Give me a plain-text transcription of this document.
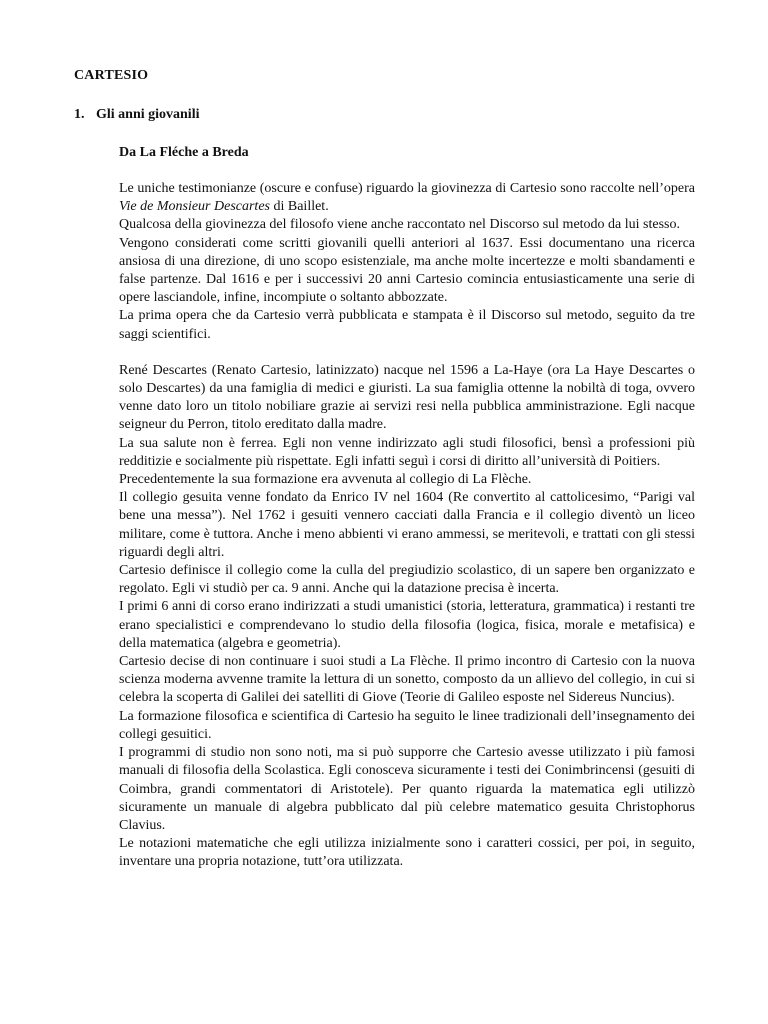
CARTESIO
1. Gli anni giovanili
Da La Fléche a Breda

Le uniche testimonianze (oscure e confuse) riguardo la giovinezza di Cartesio sono raccolte nell’opera Vie de Monsieur Descartes di Baillet.

Qualcosa della giovinezza del filosofo viene anche raccontato nel Discorso sul metodo da lui stesso.

Vengono considerati come scritti giovanili quelli anteriori al 1637. Essi documentano una ricerca ansiosa di una direzione, di uno scopo esistenziale, ma anche molte incertezze e molti sbandamenti e false partenze. Dal 1616 e per i successivi 20 anni Cartesio comincia entusiasticamente una serie di opere lasciandole, infine, incompiute o soltanto abbozzate.

La prima opera che da Cartesio verrà pubblicata e stampata è il Discorso sul metodo, seguito da tre saggi scientifici.

René Descartes (Renato Cartesio, latinizzato) nacque nel 1596 a La-Haye (ora La Haye Descartes o solo Descartes) da una famiglia di medici e giuristi. La sua famiglia ottenne la nobiltà di toga, ovvero venne dato loro un titolo nobiliare grazie ai servizi resi nella pubblica amministrazione. Egli nacque seigneur du Perron, titolo ereditato dalla madre.

La sua salute non è ferrea. Egli non venne indirizzato agli studi filosofici, bensì a professioni più redditizie e socialmente più rispettate. Egli infatti seguì i corsi di diritto all’università di Poitiers.

Precedentemente la sua formazione era avvenuta al collegio di La Flèche.

Il collegio gesuita venne fondato da Enrico IV nel 1604 (Re convertito al cattolicesimo, “Parigi val bene una messa”). Nel 1762 i gesuiti vennero cacciati dalla Francia e il collegio diventò un liceo militare, come è tuttora. Anche i meno abbienti vi erano ammessi, se meritevoli, e trattati con gli stessi riguardi degli altri.

Cartesio definisce il collegio come la culla del pregiudizio scolastico, di un sapere ben organizzato e regolato. Egli vi studiò per ca. 9 anni. Anche qui la datazione precisa è incerta.

I primi 6 anni di corso erano indirizzati a studi umanistici (storia, letteratura, grammatica) i restanti tre erano specialistici e comprendevano lo studio della filosofia (logica, fisica, morale e metafisica) e della matematica (algebra e geometria).

Cartesio decise di non continuare i suoi studi a La Flèche. Il primo incontro di Cartesio con la nuova scienza moderna avvenne tramite la lettura di un sonetto, composto da un allievo del collegio, in cui si celebra la scoperta di Galilei dei satelliti di Giove (Teorie di Galileo esposte nel Sidereus Nuncius).

La formazione filosofica e scientifica di Cartesio ha seguito le linee tradizionali dell’insegnamento dei collegi gesuitici.

I programmi di studio non sono noti, ma si può supporre che Cartesio avesse utilizzato i più famosi manuali di filosofia della Scolastica. Egli conosceva sicuramente i testi dei Conimbrincensi (gesuiti di Coimbra, grandi commentatori di Aristotele). Per quanto riguarda la matematica egli utilizzò sicuramente un manuale di algebra pubblicato dal più celebre matematico gesuita Christophorus Clavius.

Le notazioni matematiche che egli utilizza inizialmente sono i caratteri cossici, per poi, in seguito, inventare una propria notazione, tutt’ora utilizzata.
